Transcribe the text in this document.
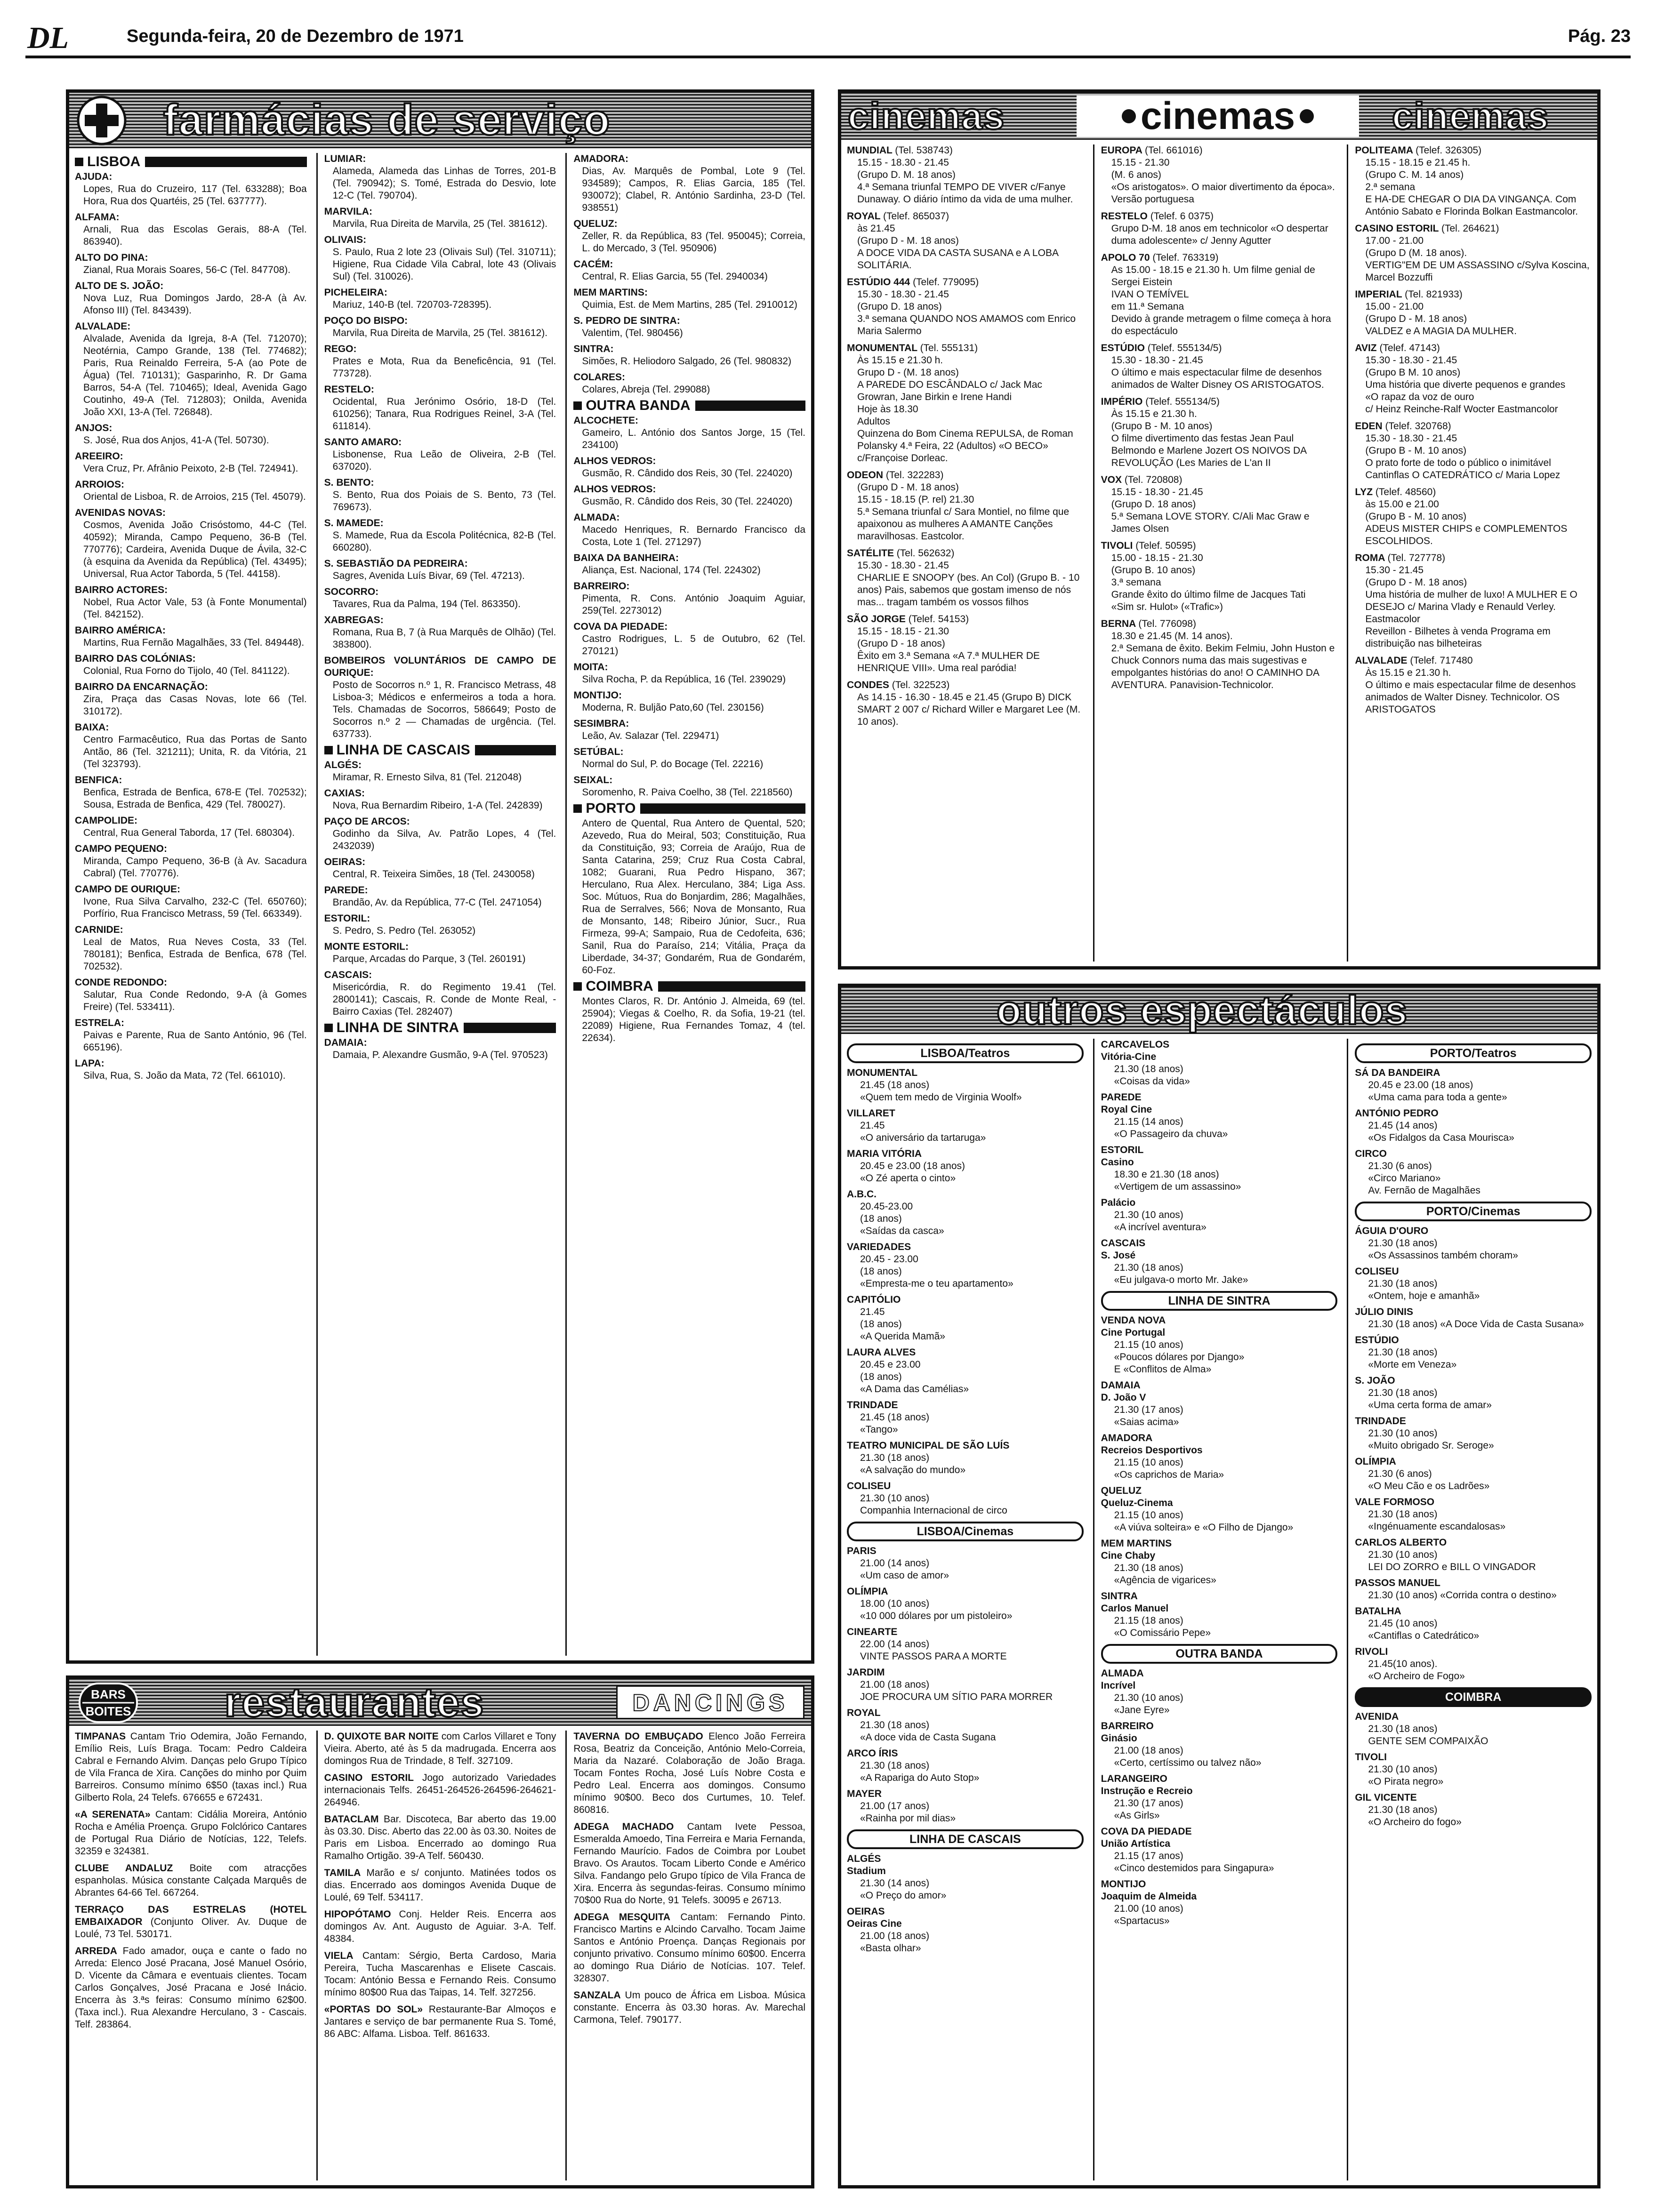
DL	Segunda-feira, 20 de Dezembro de 1971	Pág. 23
farmácias de serviço
LISBOA
AJUDA:
Lopes, Rua do Cruzeiro, 117 (Tel. 633288); Boa Hora, Rua dos Quartéis, 25 (Tel. 637777).
ALFAMA:
Arnali, Rua das Escolas Gerais, 88-A (Tel. 863940).
ALTO DO PINA:
Zianal, Rua Morais Soares, 56-C (Tel. 847708).
ALTO DE S. JOÃO:
Nova Luz, Rua Domingos Jardo, 28-A (à Av. Afonso III) (Tel. 843439).
ALVALADE:
Alvalade, Avenida da Igreja, 8-A (Tel. 712070); Neotérnia, Campo Grande, 138 (Tel. 774682); Paris, Rua Reinaldo Ferreira, 5-A (ao Pote de Água) (Tel. 710131); Gasparinho, R. Dr Gama Barros, 54-A (Tel. 710465); Ideal, Avenida Gago Coutinho, 49-A (Tel. 712803); Onilda, Avenida João XXI, 13-A (Tel. 726848).
ANJOS:
S. José, Rua dos Anjos, 41-A (Tel. 50730).
AREEIRO:
Vera Cruz, Pr. Afrânio Peixoto, 2-B (Tel. 724941).
ARROIOS:
Oriental de Lisboa, R. de Arroios, 215 (Tel. 45079).
AVENIDAS NOVAS:
Cosmos, Avenida João Crisóstomo, 44-C (Tel. 40592); Miranda, Campo Pequeno, 36-B (Tel. 770776); Cardeira, Avenida Duque de Ávila, 32-C (à esquina da Avenida da República) (Tel. 43495); Universal, Rua Actor Taborda, 5 (Tel. 44158).
BAIRRO ACTORES:
Nobel, Rua Actor Vale, 53 (à Fonte Monumental) (Tel. 842152).
BAIRRO AMÉRICA:
Martins, Rua Fernão Magalhães, 33 (Tel. 849448).
BAIRRO DAS COLÓNIAS:
Colonial, Rua Forno do Tijolo, 40 (Tel. 841122).
BAIRRO DA ENCARNAÇÃO:
Zira, Praça das Casas Novas, lote 66 (Tel. 310172).
BAIXA:
Centro Farmacêutico, Rua das Portas de Santo Antão, 86 (Tel. 321211); Unita, R. da Vitória, 21 (Tel 323793).
BENFICA:
Benfica, Estrada de Benfica, 678-E (Tel. 702532); Sousa, Estrada de Benfica, 429 (Tel. 780027).
CAMPOLIDE:
Central, Rua General Taborda, 17 (Tel. 680304).
CAMPO PEQUENO:
Miranda, Campo Pequeno, 36-B (à Av. Sacadura Cabral) (Tel. 770776).
CAMPO DE OURIQUE:
Ivone, Rua Silva Carvalho, 232-C (Tel. 650760); Porfírio, Rua Francisco Metrass, 59 (Tel. 663349).
CARNIDE:
Leal de Matos, Rua Neves Costa, 33 (Tel. 780181); Benfica, Estrada de Benfica, 678 (Tel. 702532).
CONDE REDONDO:
Salutar, Rua Conde Redondo, 9-A (à Gomes Freire) (Tel. 533411).
ESTRELA:
Paivas e Parente, Rua de Santo António, 96 (Tel. 665196).
LAPA:
Silva, Rua, S. João da Mata, 72 (Tel. 661010).
LUMIAR:
Alameda, Alameda das Linhas de Torres, 201-B (Tel. 790942); S. Tomé, Estrada do Desvio, lote 12-C (Tel. 790704).
MARVILA:
Marvila, Rua Direita de Marvila, 25 (Tel. 381612).
OLIVAIS:
S. Paulo, Rua 2 lote 23 (Olivais Sul) (Tel. 310711); Higiene, Rua Cidade Vila Cabral, lote 43 (Olivais Sul) (Tel. 310026).
PICHELEIRA:
Mariuz, 140-B (tel. 720703-728395).
POÇO DO BISPO:
Marvila, Rua Direita de Marvila, 25 (Tel. 381612).
REGO:
Prates e Mota, Rua da Beneficência, 91 (Tel. 773728).
RESTELO:
Ocidental, Rua Jerónimo Osório, 18-D (Tel. 610256); Tanara, Rua Rodrigues Reinel, 3-A (Tel. 611814).
SANTO AMARO:
Lisbonense, Rua Leão de Oliveira, 2-B (Tel. 637020).
S. BENTO:
S. Bento, Rua dos Poiais de S. Bento, 73 (Tel. 769673).
S. MAMEDE:
S. Mamede, Rua da Escola Politécnica, 82-B (Tel. 660280).
S. SEBASTIÃO DA PEDREIRA:
Sagres, Avenida Luís Bivar, 69 (Tel. 47213).
SOCORRO:
Tavares, Rua da Palma, 194 (Tel. 863350).
XABREGAS:
Romana, Rua B, 7 (à Rua Marquês de Olhão) (Tel. 383800).
BOMBEIROS VOLUNTÁRIOS DE CAMPO DE OURIQUE:
Posto de Socorros n.º 1, R. Francisco Metrass, 48 Lisboa-3; Médicos e enfermeiros a toda a hora. Tels. Chamadas de Socorros, 586649; Posto de Socorros n.º 2 — Chamadas de urgência. (Tel. 637733).
LINHA DE CASCAIS
ALGÉS:
Miramar, R. Ernesto Silva, 81 (Tel. 212048)
CAXIAS:
Nova, Rua Bernardim Ribeiro, 1-A (Tel. 242839)
PAÇO DE ARCOS:
Godinho da Silva, Av. Patrão Lopes, 4 (Tel. 2432039)
OEIRAS:
Central, R. Teixeira Simões, 18 (Tel. 2430058)
PAREDE:
Brandão, Av. da República, 77-C (Tel. 2471054)
ESTORIL:
S. Pedro, S. Pedro (Tel. 263052)
MONTE ESTORIL:
Parque, Arcadas do Parque, 3 (Tel. 260191)
CASCAIS:
Misericórdia, R. do Regimento 19.41 (Tel. 2800141); Cascais, R. Conde de Monte Real, - Bairro Caxias (Tel. 282407)
LINHA DE SINTRA
DAMAIA:
Damaia, P. Alexandre Gusmão, 9-A (Tel. 970523)
AMADORA:
Dias, Av. Marquês de Pombal, Lote 9 (Tel. 934589); Campos, R. Elias Garcia, 185 (Tel. 930072); Clabel, R. António Sardinha, 23-D (Tel. 938551)
QUELUZ:
Zeller, R. da República, 83 (Tel. 950045); Correia, L. do Mercado, 3 (Tel. 950906)
CACÉM:
Central, R. Elias Garcia, 55 (Tel. 2940034)
MEM MARTINS:
Quimia, Est. de Mem Martins, 285 (Tel. 2910012)
S. PEDRO DE SINTRA:
Valentim, (Tel. 980456)
SINTRA:
Simões, R. Heliodoro Salgado, 26 (Tel. 980832)
COLARES:
Colares, Abreja (Tel. 299088)
OUTRA BANDA
ALCOCHETE:
Gameiro, L. António dos Santos Jorge, 15 (Tel. 234100)
ALHOS VEDROS:
Gusmão, R. Cândido dos Reis, 30 (Tel. 224020)
ALHOS VEDROS:
Gusmão, R. Cândido dos Reis, 30 (Tel. 224020)
ALMADA:
Macedo Henriques, R. Bernardo Francisco da Costa, Lote 1 (Tel. 271297)
BAIXA DA BANHEIRA:
Aliança, Est. Nacional, 174 (Tel. 224302)
BARREIRO:
Pimenta, R. Cons. António Joaquim Aguiar, 259(Tel. 2273012)
COVA DA PIEDADE:
Castro Rodrigues, L. 5 de Outubro, 62 (Tel. 270121)
MOITA:
Silva Rocha, P. da República, 16 (Tel. 239029)
MONTIJO:
Moderna, R. Buljão Pato,60 (Tel. 230156)
SESIMBRA:
Leão, Av. Salazar (Tel. 229471)
SETÚBAL:
Normal do Sul, P. do Bocage (Tel. 22216)
SEIXAL:
Soromenho, R. Paiva Coelho, 38 (Tel. 2218560)
PORTO
Antero de Quental, Rua Antero de Quental, 520; Azevedo, Rua do Meiral, 503; Constituição, Rua da Constituição, 93; Correia de Araújo, Rua de Santa Catarina, 259; Cruz Rua Costa Cabral, 1082; Guarani, Rua Pedro Hispano, 367; Herculano, Rua Alex. Herculano, 384; Liga Ass. Soc. Mútuos, Rua do Bonjardim, 286; Magalhães, Rua de Serralves, 566; Nova de Monsanto, Rua de Monsanto, 148; Ribeiro Júnior, Sucr., Rua Firmeza, 99-A; Sampaio, Rua de Cedofeita, 636; Sanil, Rua do Paraíso, 214; Vitália, Praça da Liberdade, 34-37; Gondarém, Rua de Gondarém, 60-Foz.
COIMBRA
Montes Claros, R. Dr. António J. Almeida, 69 (tel. 25904); Viegas & Coelho, R. da Sofia, 19-21 (tel. 22089) Higiene, Rua Fernandes Tomaz, 4 (tel. 22634).
BARS
BOITES restaurantes	DANCINGS
TIMPANAS Cantam Trio Odemira, João Fernando, Emílio Reis, Luís Braga. Tocam: Pedro Caldeira Cabral e Fernando Alvim. Danças pelo Grupo Típico de Vila Franca de Xira. Canções do minho por Quim Barreiros. Consumo mínimo 6$50 (taxas incl.) Rua Gilberto Rola, 24 Telefs. 676655 e 672431.
«A SERENATA» Cantam: Cidália Moreira, António Rocha e Amélia Proença. Grupo Folclórico Cantares de Portugal Rua Diário de Notícias, 122, Telefs. 32359 e 324381.
CLUBE ANDALUZ Boite com atracções espanholas. Música constante Calçada Marquês de Abrantes 64-66 Tel. 667264.
TERRAÇO DAS ESTRELAS (HOTEL EMBAIXADOR (Conjunto Oliver. Av. Duque de Loulé, 73 Tel. 530171.
ARREDA Fado amador, ouça e cante o fado no Arreda: Elenco José Pracana, José Manuel Osório, D. Vicente da Câmara e eventuais clientes. Tocam Carlos Gonçalves, José Pracana e José Inácio. Encerra às 3.ªs feiras: Consumo mínimo 62$00. (Taxa incl.). Rua Alexandre Herculano, 3 - Cascais. Telf. 283864.
D. QUIXOTE BAR NOITE com Carlos Villaret e Tony Vieira. Aberto, até às 5 da madrugada. Encerra aos domingos Rua de Trindade, 8 Telf. 327109.
CASINO ESTORIL Jogo autorizado Variedades internacionais Telfs. 26451-264526-264596-264621-264946.
BATACLAM Bar. Discoteca, Bar aberto das 19.00 às 03.30. Disc. Aberto das 22.00 às 03.30. Noites de Paris em Lisboa. Encerrado ao domingo Rua Ramalho Ortigão. 39-A Telf. 560430.
TAMILA Marão e s/ conjunto. Matinées todos os dias. Encerrado aos domingos Avenida Duque de Loulé, 69 Telf. 534117.
HIPOPÓTAMO Conj. Helder Reis. Encerra aos domingos Av. Ant. Augusto de Aguiar. 3-A. Telf. 48384.
VIELA Cantam: Sérgio, Berta Cardoso, Maria Pereira, Tucha Mascarenhas e Elisete Cascais. Tocam: António Bessa e Fernando Reis. Consumo mínimo 80$00 Rua das Taipas, 14. Telf. 327256.
«PORTAS DO SOL» Restaurante-Bar Almoços e Jantares e serviço de bar permanente Rua S. Tomé, 86 ABC: Alfama. Lisboa. Telf. 861633.
TAVERNA DO EMBUÇADO Elenco João Ferreira Rosa, Beatriz da Conceição, António Melo-Correia, Maria da Nazaré. Colaboração de João Braga. Tocam Fontes Rocha, José Luís Nobre Costa e Pedro Leal. Encerra aos domingos. Consumo mínimo 90$00. Beco dos Curtumes, 10. Telef. 860816.
ADEGA MACHADO Cantam Ivete Pessoa, Esmeralda Amoedo, Tina Ferreira e Maria Fernanda, Fernando Maurício. Fados de Coimbra por Loubet Bravo. Os Arautos. Tocam Liberto Conde e Américo Silva. Fandango pelo Grupo típico de Vila Franca de Xira. Encerra às segundas-feiras. Consumo mínimo 70$00 Rua do Norte, 91 Telefs. 30095 e 26713.
ADEGA MESQUITA Cantam: Fernando Pinto. Francisco Martins e Alcindo Carvalho. Tocam Jaime Santos e António Proença. Danças Regionais por conjunto privativo. Consumo mínimo 60$00. Encerra ao domingo Rua Diário de Notícias. 107. Telef. 328307.
SANZALA Um pouco de África em Lisboa. Música constante. Encerra às 03.30 horas. Av. Marechal Carmona, Telef. 790177.
cinemas	cinemas	cinemas
MUNDIAL (Tel. 538743)
15.15 - 18.30 - 21.45
(Grupo D. M. 18 anos)
4.ª Semana triunfal TEMPO DE VIVER c/Fanye Dunaway. O diário íntimo da vida de uma mulher.
ROYAL (Telef. 865037)
às 21.45
(Grupo D - M. 18 anos)
A DOCE VIDA DA CASTA SUSANA e A LOBA SOLITÁRIA.
ESTÚDIO 444 (Telef. 779095)
15.30 - 18.30 - 21.45
(Grupo D. 18 anos)
3.ª semana QUANDO NOS AMAMOS com Enrico Maria Salermo
MONUMENTAL (Tel. 555131)
Às 15.15 e 21.30 h.
Grupo D - (M. 18 anos)
A PAREDE DO ESCÂNDALO c/ Jack Mac Growran, Jane Birkin e Irene Handi
Hoje às 18.30
Adultos
Quinzena do Bom Cinema REPULSA, de Roman Polansky 4.ª Feira, 22 (Adultos) «O BECO» c/Françoise Dorleac.
ODEON (Tel. 322283)
(Grupo D - M. 18 anos)
15.15 - 18.15 (P. rel) 21.30
5.ª Semana triunfal c/ Sara Montiel, no filme que apaixonou as mulheres A AMANTE Canções maravilhosas. Eastcolor.
SATÉLITE (Tel. 562632)
15.30 - 18.30 - 21.45
CHARLIE E SNOOPY (bes. An Col) (Grupo B. - 10 anos) Pais, sabemos que gostam imenso de nós mas... tragam também os vossos filhos
SÃO JORGE (Telef. 54153)
15.15 - 18.15 - 21.30
(Grupo D - 18 anos)
Êxito em 3.ª Semana «A 7.ª MULHER DE HENRIQUE VIII». Uma real paródia!
CONDES (Tel. 322523)
As 14.15 - 16.30 - 18.45 e 21.45 (Grupo B) DICK SMART 2 007 c/ Richard Willer e Margaret Lee (M. 10 anos).
EUROPA (Tel. 661016)
15.15 - 21.30
(M. 6 anos)
«Os aristogatos». O maior divertimento da época».
Versão portuguesa
RESTELO (Telef. 6 0375)
Grupo D-M. 18 anos em technicolor «O despertar duma adolescente» c/ Jenny Agutter
APOLO 70 (Telef. 763319)
As 15.00 - 18.15 e 21.30 h. Um filme genial de Sergei Eistein
IVAN O TEMÍVEL
em 11.ª Semana
Devido à grande metragem o filme começa à hora do espectáculo
ESTÚDIO (Telef. 555134/5)
15.30 - 18.30 - 21.45
O último e mais espectacular filme de desenhos animados de Walter Disney OS ARISTOGATOS.
IMPÉRIO (Telef. 555134/5)
Às 15.15 e 21.30 h.
(Grupo B - M. 10 anos)
O filme divertimento das festas Jean Paul Belmondo e Marlene Jozert OS NOIVOS DA REVOLUÇÃO (Les Maries de L'an II
VOX (Tel. 720808)
15.15 - 18.30 - 21.45
(Grupo D. 18 anos)
5.ª Semana LOVE STORY. C/Ali Mac Graw e James Olsen
TIVOLI (Telef. 50595)
15.00 - 18.15 - 21.30
(Grupo B. 10 anos)
3.ª semana
Grande êxito do último filme de Jacques Tati
«Sim sr. Hulot» («Trafic»)
BERNA (Tel. 776098)
18.30 e 21.45 (M. 14 anos).
2.ª Semana de êxito. Bekim Felmiu, John Huston e Chuck Connors numa das mais sugestivas e empolgantes histórias do ano! O CAMINHO DA AVENTURA. Panavision-Technicolor.
POLITEAMA (Telef. 326305)
15.15 - 18.15 e 21.45 h.
(Grupo C. M. 14 anos)
2.ª semana
E HA-DE CHEGAR O DIA DA VINGANÇA. Com António Sabato e Florinda Bolkan Eastmancolor.
CASINO ESTORIL (Tel. 264621)
17.00 - 21.00
(Grupo D (M. 18 anos).
VERTIG"EM DE UM ASSASSINO c/Sylva Koscina, Marcel Bozzuffi
IMPERIAL (Tel. 821933)
15.00 - 21.00
(Grupo D - M. 18 anos)
VALDEZ e A MAGIA DA MULHER.
AVIZ (Telef. 47143)
15.30 - 18.30 - 21.45
(Grupo B M. 10 anos)
Uma história que diverte pequenos e grandes
«O rapaz da voz de ouro
c/ Heinz Reinche-Ralf Wocter Eastmancolor
EDEN (Telef. 320768)
15.30 - 18.30 - 21.45
(Grupo B - M. 10 anos)
O prato forte de todo o público o inimitável Cantinflas O CATEDRÁTICO c/ Maria Lopez
LYZ (Telef. 48560)
às 15.00 e 21.00
(Grupo B - M. 10 anos)
ADEUS MISTER CHIPS e COMPLEMENTOS ESCOLHIDOS.
ROMA (Tel. 727778)
15.30 - 21.45
(Grupo D - M. 18 anos)
Uma história de mulher de luxo! A MULHER E O DESEJO c/ Marina Vlady e Renauld Verley. Eastmacolor
Reveillon - Bilhetes à venda Programa em distribuição nas bilheteiras
ALVALADE (Telef. 717480
Às 15.15 e 21.30 h.
O último e mais espectacular filme de desenhos animados de Walter Disney. Technicolor. OS ARISTOGATOS
outros espectáculos
LISBOA/Teatros
MONUMENTAL
21.45 (18 anos)
«Quem tem medo de Virginia Woolf»
VILLARET
21.45
«O aniversário da tartaruga»
MARIA VITÓRIA
20.45 e 23.00 (18 anos)
«O Zé aperta o cinto»
A.B.C.
20.45-23.00
(18 anos)
«Saídas da casca»
VARIEDADES
20.45 - 23.00
(18 anos)
«Empresta-me o teu apartamento»
CAPITÓLIO
21.45
(18 anos)
«A Querida Mamã»
LAURA ALVES
20.45 e 23.00
(18 anos)
«A Dama das Camélias»
TRINDADE
21.45 (18 anos)
«Tango»
TEATRO MUNICIPAL DE SÃO LUÍS
21.30 (18 anos)
«A salvação do mundo»
COLISEU
21.30 (10 anos)
Companhia Internacional de circo
LISBOA/Cinemas
PARIS
21.00 (14 anos)
«Um caso de amor»
OLÍMPIA
18.00 (10 anos)
«10 000 dólares por um pistoleiro»
CINEARTE
22.00 (14 anos)
VINTE PASSOS PARA A MORTE
JARDIM
21.00 (18 anos)
JOE PROCURA UM SÍTIO PARA MORRER
ROYAL
21.30 (18 anos)
«A doce vida de Casta Sugana
ARCO ÍRIS
21.30 (18 anos)
«A Rapariga do Auto Stop»
MAYER
21.00 (17 anos)
«Rainha por mil dias»
LINHA DE CASCAIS
ALGÉS
Stadium
21.30 (14 anos)
«O Preço do amor»
OEIRAS
Oeiras Cine
21.00 (18 anos)
«Basta olhar»
CARCAVELOS
Vitória-Cine
21.30 (18 anos)
«Coisas da vida»
PAREDE
Royal Cine
21.15 (14 anos)
«O Passageiro da chuva»
ESTORIL
Casino
18.30 e 21.30 (18 anos)
«Vertigem de um assassino»
Palácio
21.30 (10 anos)
«A incrível aventura»
CASCAIS
S. José
21.30 (18 anos)
«Eu julgava-o morto Mr. Jake»
LINHA DE SINTRA
VENDA NOVA
Cine Portugal
21.15 (10 anos)
«Poucos dólares por Django»
E «Conflitos de Alma»
DAMAIA
D. João V
21.30 (17 anos)
«Saias acima»
AMADORA
Recreios Desportivos
21.15 (10 anos)
«Os caprichos de Maria»
QUELUZ
Queluz-Cinema
21.15 (10 anos)
«A viúva solteira» e «O Filho de Django»
MEM MARTINS
Cine Chaby
21.30 (18 anos)
«Agência de vigarices»
SINTRA
Carlos Manuel
21.15 (18 anos)
«O Comissário Pepe»
OUTRA BANDA
ALMADA
Incrível
21.30 (10 anos)
«Jane Eyre»
BARREIRO
Ginásio
21.00 (18 anos)
«Certo, certíssimo ou talvez não»
LARANGEIRO
Instrução e Recreio
21.30 (17 anos)
«As Girls»
COVA DA PIEDADE
União Artística
21.15 (17 anos)
«Cinco destemidos para Singapura»
MONTIJO
Joaquim de Almeida
21.00 (10 anos)
«Spartacus»
PORTO/Teatros
SÁ DA BANDEIRA
20.45 e 23.00 (18 anos)
«Uma cama para toda a gente»
ANTÓNIO PEDRO
21.45 (14 anos)
«Os Fidalgos da Casa Mourisca»
CIRCO
21.30 (6 anos)
«Circo Mariano»
Av. Fernão de Magalhães
PORTO/Cinemas
ÁGUIA D'OURO
21.30 (18 anos)
«Os Assassinos também choram»
COLISEU
21.30 (18 anos)
«Ontem, hoje e amanhã»
JÚLIO DINIS
21.30 (18 anos) «A Doce Vida de Casta Susana»
ESTÚDIO
21.30 (18 anos)
«Morte em Veneza»
S. JOÃO
21.30 (18 anos)
«Uma certa forma de amar»
TRINDADE
21.30 (10 anos)
«Muito obrigado Sr. Seroge»
OLÍMPIA
21.30 (6 anos)
«O Meu Cão e os Ladrões»
VALE FORMOSO
21.30 (18 anos)
«Ingénuamente escandalosas»
CARLOS ALBERTO
21.30 (10 anos)
LEI DO ZORRO e BILL O VINGADOR
PASSOS MANUEL
21.30 (10 anos) «Corrida contra o destino»
BATALHA
21.45 (10 anos)
«Cantiflas o Catedrático»
RIVOLI
21.45(10 anos).
«O Archeiro de Fogo»
COIMBRA
AVENIDA
21.30 (18 anos)
GENTE SEM COMPAIXÃO
TIVOLI
21.30 (10 anos)
«O Pirata negro»
GIL VICENTE
21.30 (18 anos)
«O Archeiro do fogo»
